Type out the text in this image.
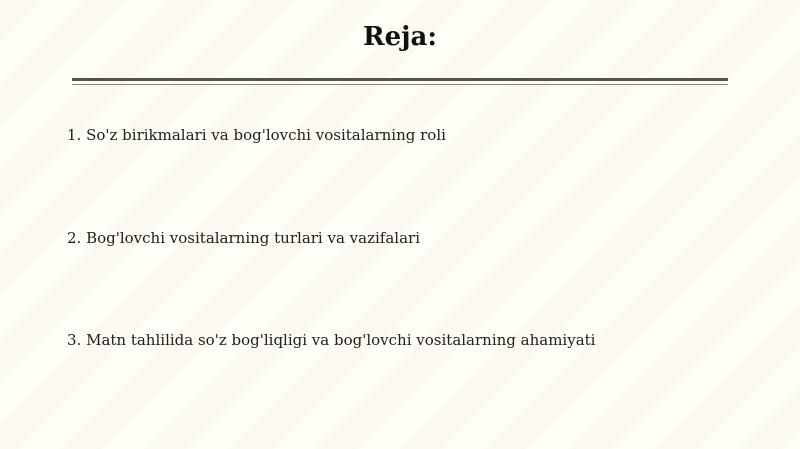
Reja:

1. So'z birikmalari va bog'lovchi vositalarning roli

2. Bog'lovchi vositalarning turlari va vazifalari

3. Matn tahlilida so'z bog'liqligi va bog'lovchi vositalarning ahamiyati
